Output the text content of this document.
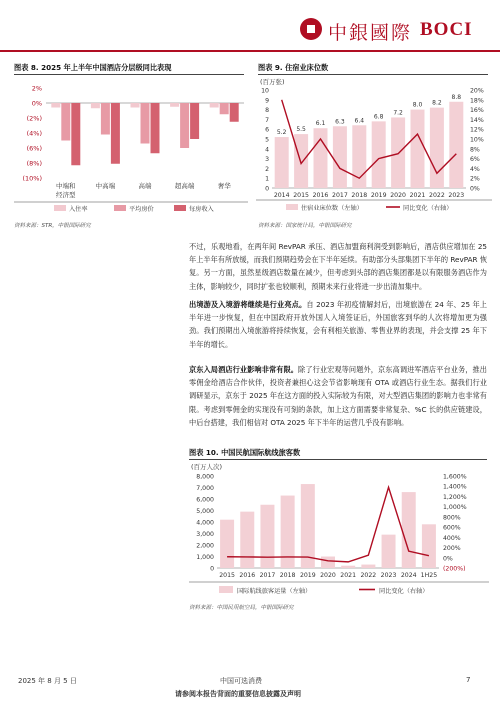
中銀國際 BOCI
图表 8. 2025 年上半年中国酒店分层级同比表现
2%
0%
(2%)
(4%)
(6%)
(8%)
(10%)
中端和
经济型
中高端	高端	超高端	奢华
入住率	平均房价	每房收入
资料来源：STR，中银国际研究
图表 9. 住宿业床位数
(百万张)
10
9
8
7
6
5
4
3
2
1
0
20%
18%
16%
14%
12%
10%
8%
6%
4%
2%
0%
5.2
2014
5.5
2015
6.1
2016
6.3
2017
6.4
2018
6.8
2019
7.2
2020
8.0
2021
8.2
2022
8.8
2023
住宿业床位数（左轴）	同比变化（右轴）
资料来源：国家统计局，中银国际研究
不过，乐观地看，在两年间 RevPAR 承压、酒店加盟商利润受到影响后，酒店供应增加在 25 年上半年有所放缓，而我们预期趋势会在下半年延续。有助部分头部集团下半年的 RevPAR 恢复。另一方面，虽然星级酒店数量在减少，但考虑到头部的酒店集团都是以有限服务酒店作为主体，影响较少，同时扩张也较顺利，预期未来行业将进一步出清加集中。
出境游及入境游将继续是行业亮点。自 2023 年初疫情解封后，出境旅游在 24 年、25 年上半年进一步恢复，但在中国政府开放外国人入境签证后，外国旅客到华的人次将增加更为强劲。我们预期出入境旅游将持续恢复，会有利相关旅游、零售业界的表现，并会支撑 25 年下半年的增长。
京东入局酒店行业影响非常有限。除了行业宏观等问题外，京东高调进军酒店平台业务，推出零佣金给酒店合作伙伴，投资者兼担心这会节省影响现有 OTA 或酒店行业生态。据我们行业调研显示，京东于 2025 年在这方面的投入实际较为有限，对大型酒店集团的影响力也非常有限。考虑到零佣金的实现没有可刻的条款，加上这方面需要非常复杂、%C 长的供应链建设，中后台搭建，我们相信对 OTA 2025 年下半年的运营几乎没有影响。
图表 10. 中国民航国际航线旅客数
(百万人次)
8,000
7,000
6,000
5,000
4,000
3,000
2,000
1,000
0
1,600%
1,400%
1,200%
1,000%
800%
600%
400%
200%
0%
(200%)
2015 2016 2017 2018 2019 2020 2021 2022 2023 2024 1H25
国际航线旅客运量（左轴）	同比变化（右轴）
资料来源：中国民用航空局，中银国际研究
2025 年 8 月 5 日	中国可选消费	7
请参阅本报告背面的重要信息披露及声明
